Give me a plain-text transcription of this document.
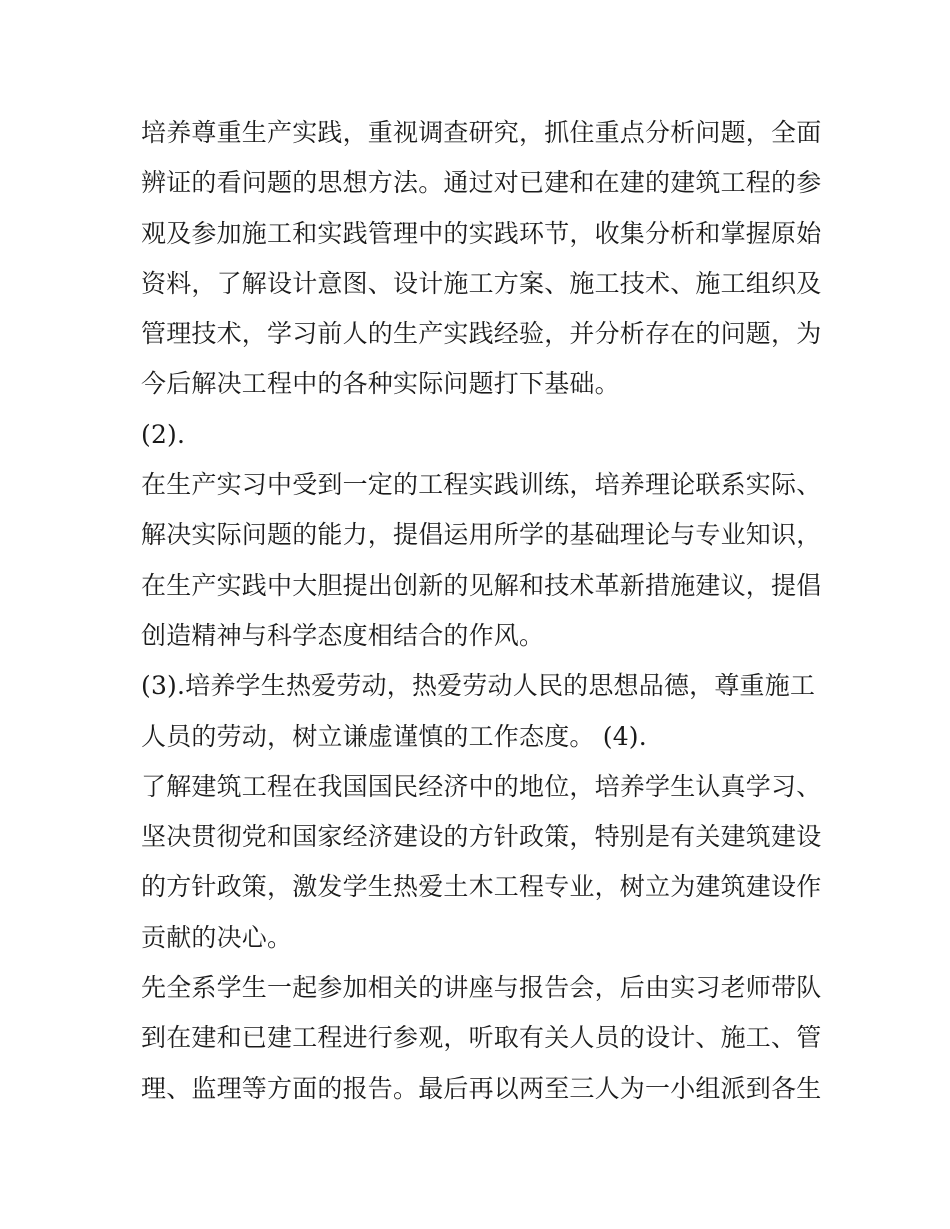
培养尊重生产实践，重视调查研究，抓住重点分析问题，全面
辨证的看问题的思想方法。通过对已建和在建的建筑工程的参
观及参加施工和实践管理中的实践环节，收集分析和掌握原始
资料，了解设计意图、设计施工方案、施工技术、施工组织及
管理技术，学习前人的生产实践经验，并分析存在的问题，为
今后解决工程中的各种实际问题打下基础。
(2).
在生产实习中受到一定的工程实践训练，培养理论联系实际、
解决实际问题的能力，提倡运用所学的基础理论与专业知识，
在生产实践中大胆提出创新的见解和技术革新措施建议，提倡
创造精神与科学态度相结合的作风。
(3).培养学生热爱劳动，热爱劳动人民的思想品德，尊重施工
人员的劳动，树立谦虚谨慎的工作态度。 (4).
了解建筑工程在我国国民经济中的地位，培养学生认真学习、
坚决贯彻党和国家经济建设的方针政策，特别是有关建筑建设
的方针政策，激发学生热爱土木工程专业，树立为建筑建设作
贡献的决心。
先全系学生一起参加相关的讲座与报告会，后由实习老师带队
到在建和已建工程进行参观，听取有关人员的设计、施工、管
理、监理等方面的报告。最后再以两至三人为一小组派到各生
